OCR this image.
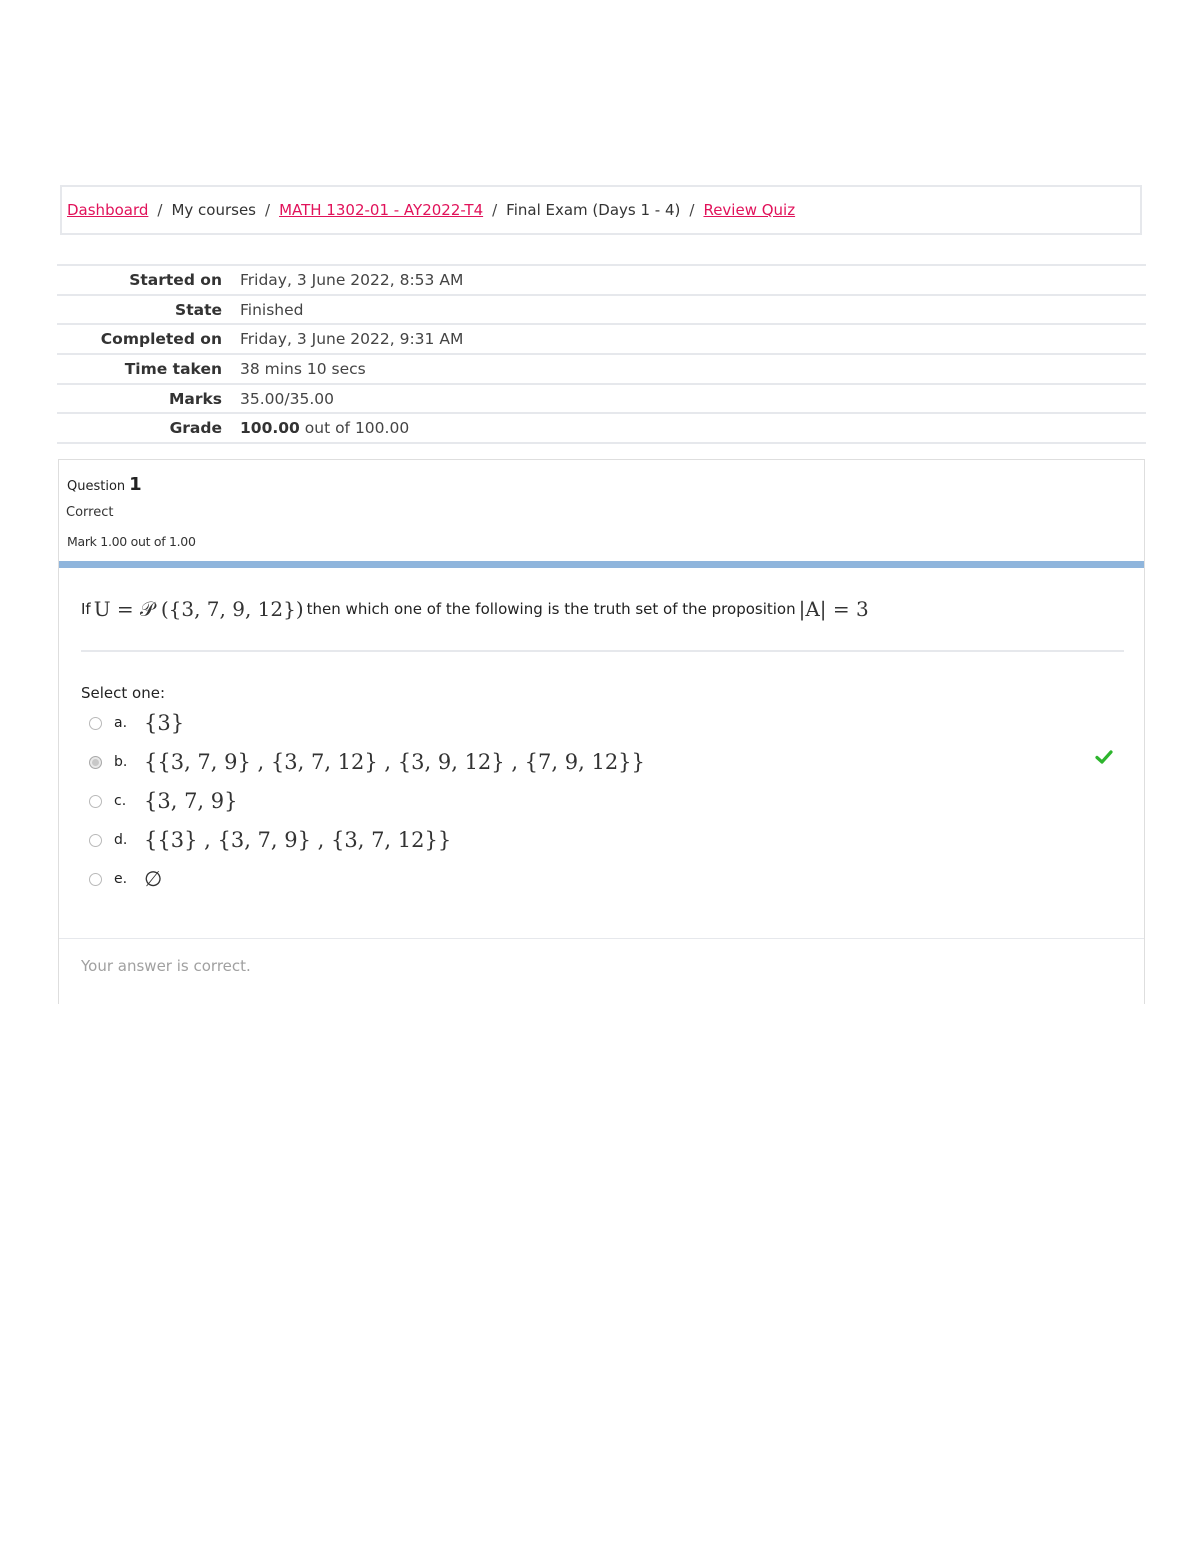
Dashboard / My courses / MATH 1302-01 - AY2022-T4 / Final Exam (Days 1 - 4) / Review Quiz
Started on	Friday, 3 June 2022, 8:53 AM
State	Finished
Completed on	Friday, 3 June 2022, 9:31 AM
Time taken	38 mins 10 secs
Marks	35.00/35.00
Grade	100.00 out of 100.00
Question 1
Correct
Mark 1.00 out of 1.00
If U = 𝒫 ({3, 7, 9, 12}) then which one of the following is the truth set of the proposition |A| = 3
Select one:
a. {3}
b. {{3, 7, 9} , {3, 7, 12} , {3, 9, 12} , {7, 9, 12}}
c. {3, 7, 9}
d. {{3} , {3, 7, 9} , {3, 7, 12}}
e. ∅
Your answer is correct.
